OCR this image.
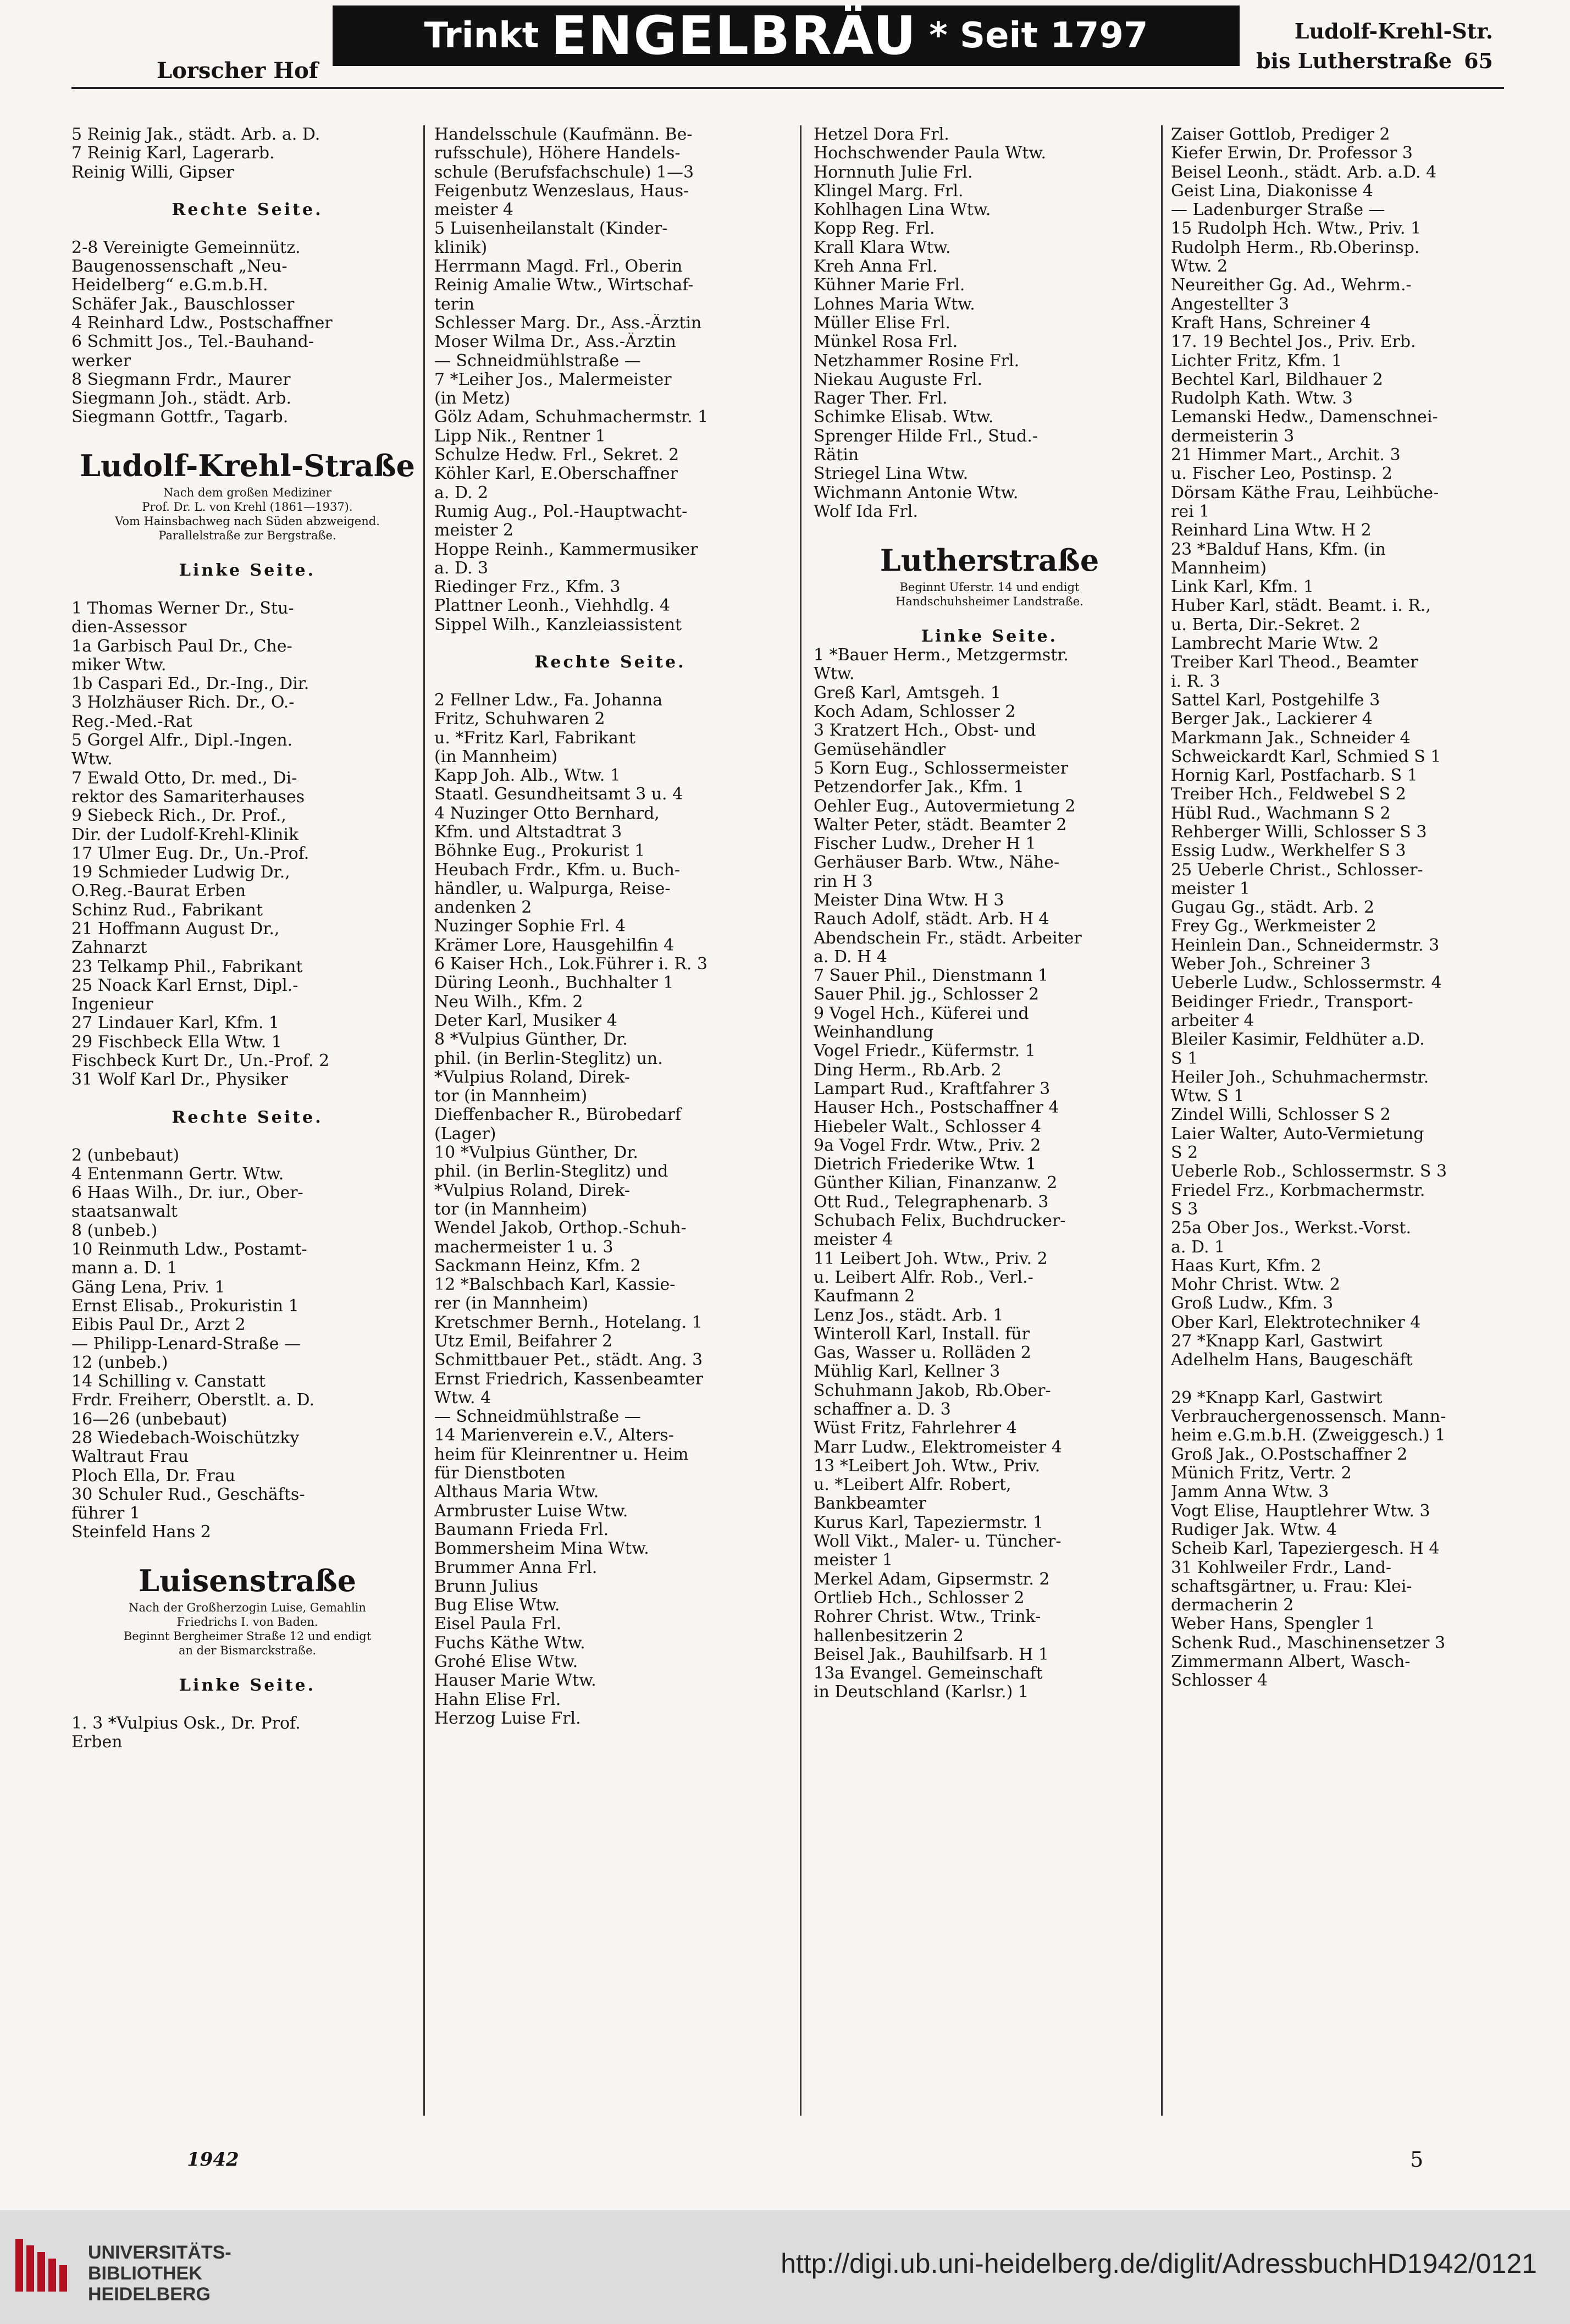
Trinkt ENGELBRÄU * Seit 1797
Lorscher Hof
Ludolf-Krehl-Str.
bis Lutherstraße 65
5 Reinig Jak., städt. Arb. a. D.
7 Reinig Karl, Lagerarb.
Reinig Willi, Gipser
Rechte Seite.
2-8 Vereinigte Gemeinnütz.
Baugenossenschaft „Neu-
Heidelberg“ e.G.m.b.H.
Schäfer Jak., Bauschlosser
4 Reinhard Ldw., Postschaffner
6 Schmitt Jos., Tel.-Bauhand-
werker
8 Siegmann Frdr., Maurer
Siegmann Joh., städt. Arb.
Siegmann Gottfr., Tagarb.
Ludolf-Krehl-Straße
Nach dem großen Mediziner
Prof. Dr. L. von Krehl (1861—1937).
Vom Hainsbachweg nach Süden abzweigend.
Parallelstraße zur Bergstraße.
Linke Seite.
1 Thomas Werner Dr., Stu-
dien-Assessor
1a Garbisch Paul Dr., Che-
miker Wtw.
1b Caspari Ed., Dr.-Ing., Dir.
3 Holzhäuser Rich. Dr., O.-
Reg.-Med.-Rat
5 Gorgel Alfr., Dipl.-Ingen.
Wtw.
7 Ewald Otto, Dr. med., Di-
rektor des Samariterhauses
9 Siebeck Rich., Dr. Prof.,
Dir. der Ludolf-Krehl-Klinik
17 Ulmer Eug. Dr., Un.-Prof.
19 Schmieder Ludwig Dr.,
O.Reg.-Baurat Erben
Schinz Rud., Fabrikant
21 Hoffmann August Dr.,
Zahnarzt
23 Telkamp Phil., Fabrikant
25 Noack Karl Ernst, Dipl.-
Ingenieur
27 Lindauer Karl, Kfm. 1
29 Fischbeck Ella Wtw. 1
Fischbeck Kurt Dr., Un.-Prof. 2
31 Wolf Karl Dr., Physiker
Rechte Seite.
2 (unbebaut)
4 Entenmann Gertr. Wtw.
6 Haas Wilh., Dr. iur., Ober-
staatsanwalt
8 (unbeb.)
10 Reinmuth Ldw., Postamt-
mann a. D. 1
Gäng Lena, Priv. 1
Ernst Elisab., Prokuristin 1
Eibis Paul Dr., Arzt 2
— Philipp-Lenard-Straße —
12 (unbeb.)
14 Schilling v. Canstatt
Frdr. Freiherr, Oberstlt. a. D.
16—26 (unbebaut)
28 Wiedebach-Woischützky
Waltraut Frau
Ploch Ella, Dr. Frau
30 Schuler Rud., Geschäfts-
führer 1
Steinfeld Hans 2
Luisenstraße
Nach der Großherzogin Luise, Gemahlin
Friedrichs I. von Baden.
Beginnt Bergheimer Straße 12 und endigt
an der Bismarckstraße.
Linke Seite.
1. 3 *Vulpius Osk., Dr. Prof.
Erben
Handelsschule (Kaufmänn. Be-
rufsschule), Höhere Handels-
schule (Berufsfachschule) 1—3
Feigenbutz Wenzeslaus, Haus-
meister 4
5 Luisenheilanstalt (Kinder-
klinik)
Herrmann Magd. Frl., Oberin
Reinig Amalie Wtw., Wirtschaf-
terin
Schlesser Marg. Dr., Ass.-Ärztin
Moser Wilma Dr., Ass.-Ärztin
— Schneidmühlstraße —
7 *Leiher Jos., Malermeister
(in Metz)
Gölz Adam, Schuhmachermstr. 1
Lipp Nik., Rentner 1
Schulze Hedw. Frl., Sekret. 2
Köhler Karl, E.Oberschaffner
a. D. 2
Rumig Aug., Pol.-Hauptwacht-
meister 2
Hoppe Reinh., Kammermusiker
a. D. 3
Riedinger Frz., Kfm. 3
Plattner Leonh., Viehhdlg. 4
Sippel Wilh., Kanzleiassistent
Rechte Seite.
2 Fellner Ldw., Fa. Johanna
Fritz, Schuhwaren 2
u. *Fritz Karl, Fabrikant
(in Mannheim)
Kapp Joh. Alb., Wtw. 1
Staatl. Gesundheitsamt 3 u. 4
4 Nuzinger Otto Bernhard,
Kfm. und Altstadtrat 3
Böhnke Eug., Prokurist 1
Heubach Frdr., Kfm. u. Buch-
händler, u. Walpurga, Reise-
andenken 2
Nuzinger Sophie Frl. 4
Krämer Lore, Hausgehilfin 4
6 Kaiser Hch., Lok.Führer i. R. 3
Düring Leonh., Buchhalter 1
Neu Wilh., Kfm. 2
Deter Karl, Musiker 4
8 *Vulpius Günther, Dr.
phil. (in Berlin-Steglitz) un.
*Vulpius Roland, Direk-
tor (in Mannheim)
Dieffenbacher R., Bürobedarf
(Lager)
10 *Vulpius Günther, Dr.
phil. (in Berlin-Steglitz) und
*Vulpius Roland, Direk-
tor (in Mannheim)
Wendel Jakob, Orthop.-Schuh-
machermeister 1 u. 3
Sackmann Heinz, Kfm. 2
12 *Balschbach Karl, Kassie-
rer (in Mannheim)
Kretschmer Bernh., Hotelang. 1
Utz Emil, Beifahrer 2
Schmittbauer Pet., städt. Ang. 3
Ernst Friedrich, Kassenbeamter
Wtw. 4
— Schneidmühlstraße —
14 Marienverein e.V., Alters-
heim für Kleinrentner u. Heim
für Dienstboten
Althaus Maria Wtw.
Armbruster Luise Wtw.
Baumann Frieda Frl.
Bommersheim Mina Wtw.
Brummer Anna Frl.
Brunn Julius
Bug Elise Wtw.
Eisel Paula Frl.
Fuchs Käthe Wtw.
Grohé Elise Wtw.
Hauser Marie Wtw.
Hahn Elise Frl.
Herzog Luise Frl.
Hetzel Dora Frl.
Hochschwender Paula Wtw.
Hornnuth Julie Frl.
Klingel Marg. Frl.
Kohlhagen Lina Wtw.
Kopp Reg. Frl.
Krall Klara Wtw.
Kreh Anna Frl.
Kühner Marie Frl.
Lohnes Maria Wtw.
Müller Elise Frl.
Münkel Rosa Frl.
Netzhammer Rosine Frl.
Niekau Auguste Frl.
Rager Ther. Frl.
Schimke Elisab. Wtw.
Sprenger Hilde Frl., Stud.-
Rätin
Striegel Lina Wtw.
Wichmann Antonie Wtw.
Wolf Ida Frl.
Lutherstraße
Beginnt Uferstr. 14 und endigt
Handschuhsheimer Landstraße.
Linke Seite.
1 *Bauer Herm., Metzgermstr.
Wtw.
Greß Karl, Amtsgeh. 1
Koch Adam, Schlosser 2
3 Kratzert Hch., Obst- und
Gemüsehändler
5 Korn Eug., Schlossermeister
Petzendorfer Jak., Kfm. 1
Oehler Eug., Autovermietung 2
Walter Peter, städt. Beamter 2
Fischer Ludw., Dreher H 1
Gerhäuser Barb. Wtw., Nähe-
rin H 3
Meister Dina Wtw. H 3
Rauch Adolf, städt. Arb. H 4
Abendschein Fr., städt. Arbeiter
a. D. H 4
7 Sauer Phil., Dienstmann 1
Sauer Phil. jg., Schlosser 2
9 Vogel Hch., Küferei und
Weinhandlung
Vogel Friedr., Küfermstr. 1
Ding Herm., Rb.Arb. 2
Lampart Rud., Kraftfahrer 3
Hauser Hch., Postschaffner 4
Hiebeler Walt., Schlosser 4
9a Vogel Frdr. Wtw., Priv. 2
Dietrich Friederike Wtw. 1
Günther Kilian, Finanzanw. 2
Ott Rud., Telegraphenarb. 3
Schubach Felix, Buchdrucker-
meister 4
11 Leibert Joh. Wtw., Priv. 2
u. Leibert Alfr. Rob., Verl.-
Kaufmann 2
Lenz Jos., städt. Arb. 1
Winteroll Karl, Install. für
Gas, Wasser u. Rolläden 2
Mühlig Karl, Kellner 3
Schuhmann Jakob, Rb.Ober-
schaffner a. D. 3
Wüst Fritz, Fahrlehrer 4
Marr Ludw., Elektromeister 4
13 *Leibert Joh. Wtw., Priv.
u. *Leibert Alfr. Robert,
Bankbeamter
Kurus Karl, Tapeziermstr. 1
Woll Vikt., Maler- u. Tüncher-
meister 1
Merkel Adam, Gipsermstr. 2
Ortlieb Hch., Schlosser 2
Rohrer Christ. Wtw., Trink-
hallenbesitzerin 2
Beisel Jak., Bauhilfsarb. H 1
13a Evangel. Gemeinschaft
in Deutschland (Karlsr.) 1
Zaiser Gottlob, Prediger 2
Kiefer Erwin, Dr. Professor 3
Beisel Leonh., städt. Arb. a.D. 4
Geist Lina, Diakonisse 4
— Ladenburger Straße —
15 Rudolph Hch. Wtw., Priv. 1
Rudolph Herm., Rb.Oberinsp.
Wtw. 2
Neureither Gg. Ad., Wehrm.-
Angestellter 3
Kraft Hans, Schreiner 4
17. 19 Bechtel Jos., Priv. Erb.
Lichter Fritz, Kfm. 1
Bechtel Karl, Bildhauer 2
Rudolph Kath. Wtw. 3
Lemanski Hedw., Damenschnei-
dermeisterin 3
21 Himmer Mart., Archit. 3
u. Fischer Leo, Postinsp. 2
Dörsam Käthe Frau, Leihbüche-
rei 1
Reinhard Lina Wtw. H 2
23 *Balduf Hans, Kfm. (in
Mannheim)
Link Karl, Kfm. 1
Huber Karl, städt. Beamt. i. R.,
u. Berta, Dir.-Sekret. 2
Lambrecht Marie Wtw. 2
Treiber Karl Theod., Beamter
i. R. 3
Sattel Karl, Postgehilfe 3
Berger Jak., Lackierer 4
Markmann Jak., Schneider 4
Schweickardt Karl, Schmied S 1
Hornig Karl, Postfacharb. S 1
Treiber Hch., Feldwebel S 2
Hübl Rud., Wachmann S 2
Rehberger Willi, Schlosser S 3
Essig Ludw., Werkhelfer S 3
25 Ueberle Christ., Schlosser-
meister 1
Gugau Gg., städt. Arb. 2
Frey Gg., Werkmeister 2
Heinlein Dan., Schneidermstr. 3
Weber Joh., Schreiner 3
Ueberle Ludw., Schlossermstr. 4
Beidinger Friedr., Transport-
arbeiter 4
Bleiler Kasimir, Feldhüter a.D.
S 1
Heiler Joh., Schuhmachermstr.
Wtw. S 1
Zindel Willi, Schlosser S 2
Laier Walter, Auto-Vermietung
S 2
Ueberle Rob., Schlossermstr. S 3
Friedel Frz., Korbmachermstr.
S 3
25a Ober Jos., Werkst.-Vorst.
a. D. 1
Haas Kurt, Kfm. 2
Mohr Christ. Wtw. 2
Groß Ludw., Kfm. 3
Ober Karl, Elektrotechniker 4
27 *Knapp Karl, Gastwirt
Adelhelm Hans, Baugeschäft
29 *Knapp Karl, Gastwirt
Verbrauchergenossensch. Mann-
heim e.G.m.b.H. (Zweiggesch.) 1
Groß Jak., O.Postschaffner 2
Münich Fritz, Vertr. 2
Jamm Anna Wtw. 3
Vogt Elise, Hauptlehrer Wtw. 3
Rudiger Jak. Wtw. 4
Scheib Karl, Tapeziergesch. H 4
31 Kohlweiler Frdr., Land-
schaftsgärtner, u. Frau: Klei-
dermacherin 2
Weber Hans, Spengler 1
Schenk Rud., Maschinensetzer 3
Zimmermann Albert, Wasch-
Schlosser 4
1942	5
UNIVERSITÄTS-
BIBLIOTHEK
HEIDELBERG
http://digi.ub.uni-heidelberg.de/diglit/AdressbuchHD1942/0121
